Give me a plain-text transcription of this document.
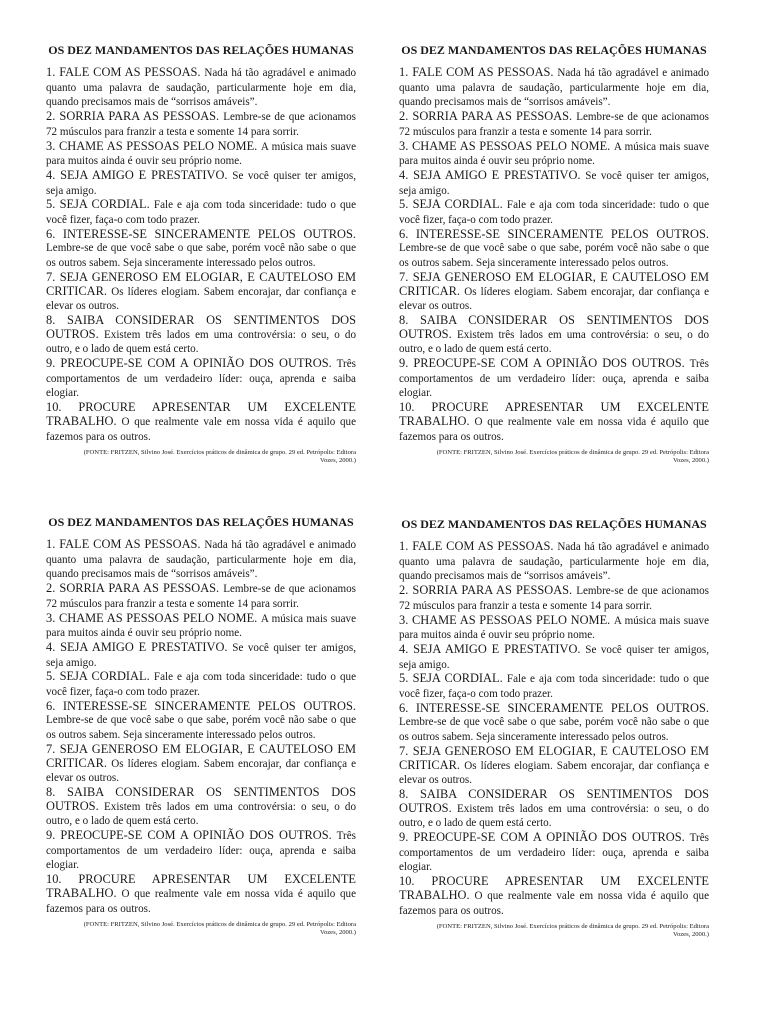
OS DEZ MANDAMENTOS DAS RELAÇÕES HUMANAS

1. FALE COM AS PESSOAS. Nada há tão agradável e animado quanto uma palavra de saudação, particularmente hoje em dia, quando precisamos mais de “sorrisos amáveis”.

2. SORRIA PARA AS PESSOAS. Lembre-se de que acionamos 72 músculos para franzir a testa e somente 14 para sorrir.

3. CHAME AS PESSOAS PELO NOME. A música mais suave para muitos ainda é ouvir seu próprio nome.

4. SEJA AMIGO E PRESTATIVO. Se você quiser ter amigos, seja amigo.

5. SEJA CORDIAL. Fale e aja com toda sinceridade: tudo o que você fizer, faça-o com todo prazer.

6. INTERESSE-SE SINCERAMENTE PELOS OUTROS. Lembre-se de que você sabe o que sabe, porém você não sabe o que os outros sabem. Seja sinceramente interessado pelos outros.

7. SEJA GENEROSO EM ELOGIAR, E CAUTELOSO EM CRITICAR. Os líderes elogiam. Sabem encorajar, dar confiança e elevar os outros.

8. SAIBA CONSIDERAR OS SENTIMENTOS DOS OUTROS. Existem três lados em uma controvérsia: o seu, o do outro, e o lado de quem está certo.

9. PREOCUPE-SE COM A OPINIÃO DOS OUTROS. Três comportamentos de um verdadeiro líder: ouça, aprenda e saiba elogiar.

10. PROCURE APRESENTAR UM EXCELENTE TRABALHO. O que realmente vale em nossa vida é aquilo que fazemos para os outros.

(FONTE: FRITZEN, Silvino José. Exercícios práticos de dinâmica de grupo. 29 ed. Petrópolis: Editora Vozes, 2000.)
OS DEZ MANDAMENTOS DAS RELAÇÕES HUMANAS

1. FALE COM AS PESSOAS. Nada há tão agradável e animado quanto uma palavra de saudação, particularmente hoje em dia, quando precisamos mais de “sorrisos amáveis”.

2. SORRIA PARA AS PESSOAS. Lembre-se de que acionamos 72 músculos para franzir a testa e somente 14 para sorrir.

3. CHAME AS PESSOAS PELO NOME. A música mais suave para muitos ainda é ouvir seu próprio nome.

4. SEJA AMIGO E PRESTATIVO. Se você quiser ter amigos, seja amigo.

5. SEJA CORDIAL. Fale e aja com toda sinceridade: tudo o que você fizer, faça-o com todo prazer.

6. INTERESSE-SE SINCERAMENTE PELOS OUTROS. Lembre-se de que você sabe o que sabe, porém você não sabe o que os outros sabem. Seja sinceramente interessado pelos outros.

7. SEJA GENEROSO EM ELOGIAR, E CAUTELOSO EM CRITICAR. Os líderes elogiam. Sabem encorajar, dar confiança e elevar os outros.

8. SAIBA CONSIDERAR OS SENTIMENTOS DOS OUTROS. Existem três lados em uma controvérsia: o seu, o do outro, e o lado de quem está certo.

9. PREOCUPE-SE COM A OPINIÃO DOS OUTROS. Três comportamentos de um verdadeiro líder: ouça, aprenda e saiba elogiar.

10. PROCURE APRESENTAR UM EXCELENTE TRABALHO. O que realmente vale em nossa vida é aquilo que fazemos para os outros.

(FONTE: FRITZEN, Silvino José. Exercícios práticos de dinâmica de grupo. 29 ed. Petrópolis: Editora Vozes, 2000.)
OS DEZ MANDAMENTOS DAS RELAÇÕES HUMANAS

1. FALE COM AS PESSOAS. Nada há tão agradável e animado quanto uma palavra de saudação, particularmente hoje em dia, quando precisamos mais de “sorrisos amáveis”.

2. SORRIA PARA AS PESSOAS. Lembre-se de que acionamos 72 músculos para franzir a testa e somente 14 para sorrir.

3. CHAME AS PESSOAS PELO NOME. A música mais suave para muitos ainda é ouvir seu próprio nome.

4. SEJA AMIGO E PRESTATIVO. Se você quiser ter amigos, seja amigo.

5. SEJA CORDIAL. Fale e aja com toda sinceridade: tudo o que você fizer, faça-o com todo prazer.

6. INTERESSE-SE SINCERAMENTE PELOS OUTROS. Lembre-se de que você sabe o que sabe, porém você não sabe o que os outros sabem. Seja sinceramente interessado pelos outros.

7. SEJA GENEROSO EM ELOGIAR, E CAUTELOSO EM CRITICAR. Os líderes elogiam. Sabem encorajar, dar confiança e elevar os outros.

8. SAIBA CONSIDERAR OS SENTIMENTOS DOS OUTROS. Existem três lados em uma controvérsia: o seu, o do outro, e o lado de quem está certo.

9. PREOCUPE-SE COM A OPINIÃO DOS OUTROS. Três comportamentos de um verdadeiro líder: ouça, aprenda e saiba elogiar.

10. PROCURE APRESENTAR UM EXCELENTE TRABALHO. O que realmente vale em nossa vida é aquilo que fazemos para os outros.

(FONTE: FRITZEN, Silvino José. Exercícios práticos de dinâmica de grupo. 29 ed. Petrópolis: Editora Vozes, 2000.)
OS DEZ MANDAMENTOS DAS RELAÇÕES HUMANAS

1. FALE COM AS PESSOAS. Nada há tão agradável e animado quanto uma palavra de saudação, particularmente hoje em dia, quando precisamos mais de “sorrisos amáveis”.

2. SORRIA PARA AS PESSOAS. Lembre-se de que acionamos 72 músculos para franzir a testa e somente 14 para sorrir.

3. CHAME AS PESSOAS PELO NOME. A música mais suave para muitos ainda é ouvir seu próprio nome.

4. SEJA AMIGO E PRESTATIVO. Se você quiser ter amigos, seja amigo.

5. SEJA CORDIAL. Fale e aja com toda sinceridade: tudo o que você fizer, faça-o com todo prazer.

6. INTERESSE-SE SINCERAMENTE PELOS OUTROS. Lembre-se de que você sabe o que sabe, porém você não sabe o que os outros sabem. Seja sinceramente interessado pelos outros.

7. SEJA GENEROSO EM ELOGIAR, E CAUTELOSO EM CRITICAR. Os líderes elogiam. Sabem encorajar, dar confiança e elevar os outros.

8. SAIBA CONSIDERAR OS SENTIMENTOS DOS OUTROS. Existem três lados em uma controvérsia: o seu, o do outro, e o lado de quem está certo.

9. PREOCUPE-SE COM A OPINIÃO DOS OUTROS. Três comportamentos de um verdadeiro líder: ouça, aprenda e saiba elogiar.

10. PROCURE APRESENTAR UM EXCELENTE TRABALHO. O que realmente vale em nossa vida é aquilo que fazemos para os outros.

(FONTE: FRITZEN, Silvino José. Exercícios práticos de dinâmica de grupo. 29 ed. Petrópolis: Editora Vozes, 2000.)
